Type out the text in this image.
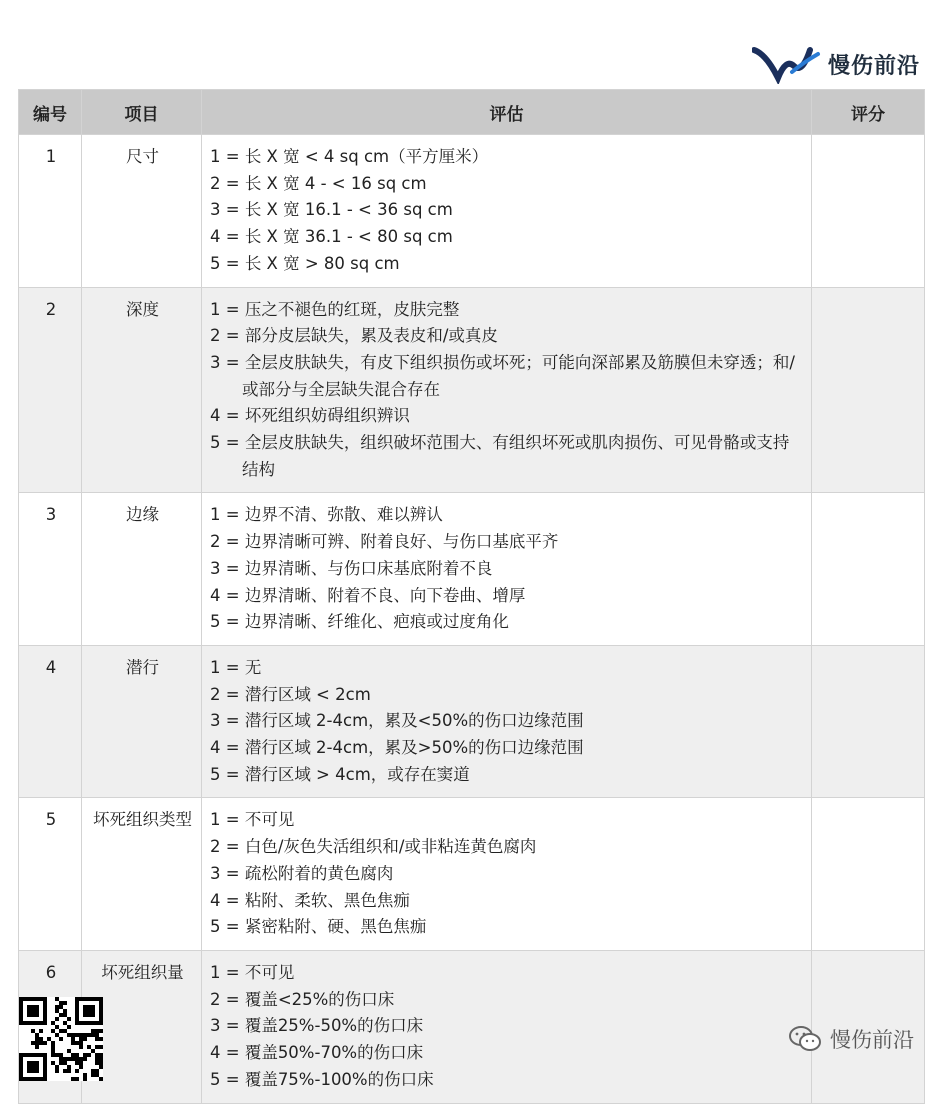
慢伤前沿
编号	项目	评估	评分
1	尺寸	1 = 长 X 宽 < 4 sq cm（平方厘米）
2 = 长 X 宽 4 - < 16 sq cm
3 = 长 X 宽 16.1 - < 36 sq cm
4 = 长 X 宽 36.1 - < 80 sq cm
5 = 长 X 宽 > 80 sq cm	

2	深度	1 = 压之不褪色的红斑，皮肤完整
2 = 部分皮层缺失，累及表皮和/或真皮
3 = 全层皮肤缺失，有皮下组织损伤或坏死；可能向深部累及筋膜但未穿透；和/或部分与全层缺失混合存在
4 = 坏死组织妨碍组织辨识
5 = 全层皮肤缺失，组织破坏范围大、有组织坏死或肌肉损伤、可见骨骼或支持结构	

3	边缘	1 = 边界不清、弥散、难以辨认
2 = 边界清晰可辨、附着良好、与伤口基底平齐
3 = 边界清晰、与伤口床基底附着不良
4 = 边界清晰、附着不良、向下卷曲、增厚
5 = 边界清晰、纤维化、疤痕或过度角化	

4	潜行	1 = 无
2 = 潜行区域 < 2cm
3 = 潜行区域 2-4cm，累及<50%的伤口边缘范围
4 = 潜行区域 2-4cm，累及>50%的伤口边缘范围
5 = 潜行区域 > 4cm，或存在窦道	

5	坏死组织类型	1 = 不可见
2 = 白色/灰色失活组织和/或非粘连黄色腐肉
3 = 疏松附着的黄色腐肉
4 = 粘附、柔软、黑色焦痂
5 = 紧密粘附、硬、黑色焦痂	

6	坏死组织量	1 = 不可见
2 = 覆盖<25%的伤口床
3 = 覆盖25%-50%的伤口床
4 = 覆盖50%-70%的伤口床
5 = 覆盖75%-100%的伤口床	

慢伤前沿
